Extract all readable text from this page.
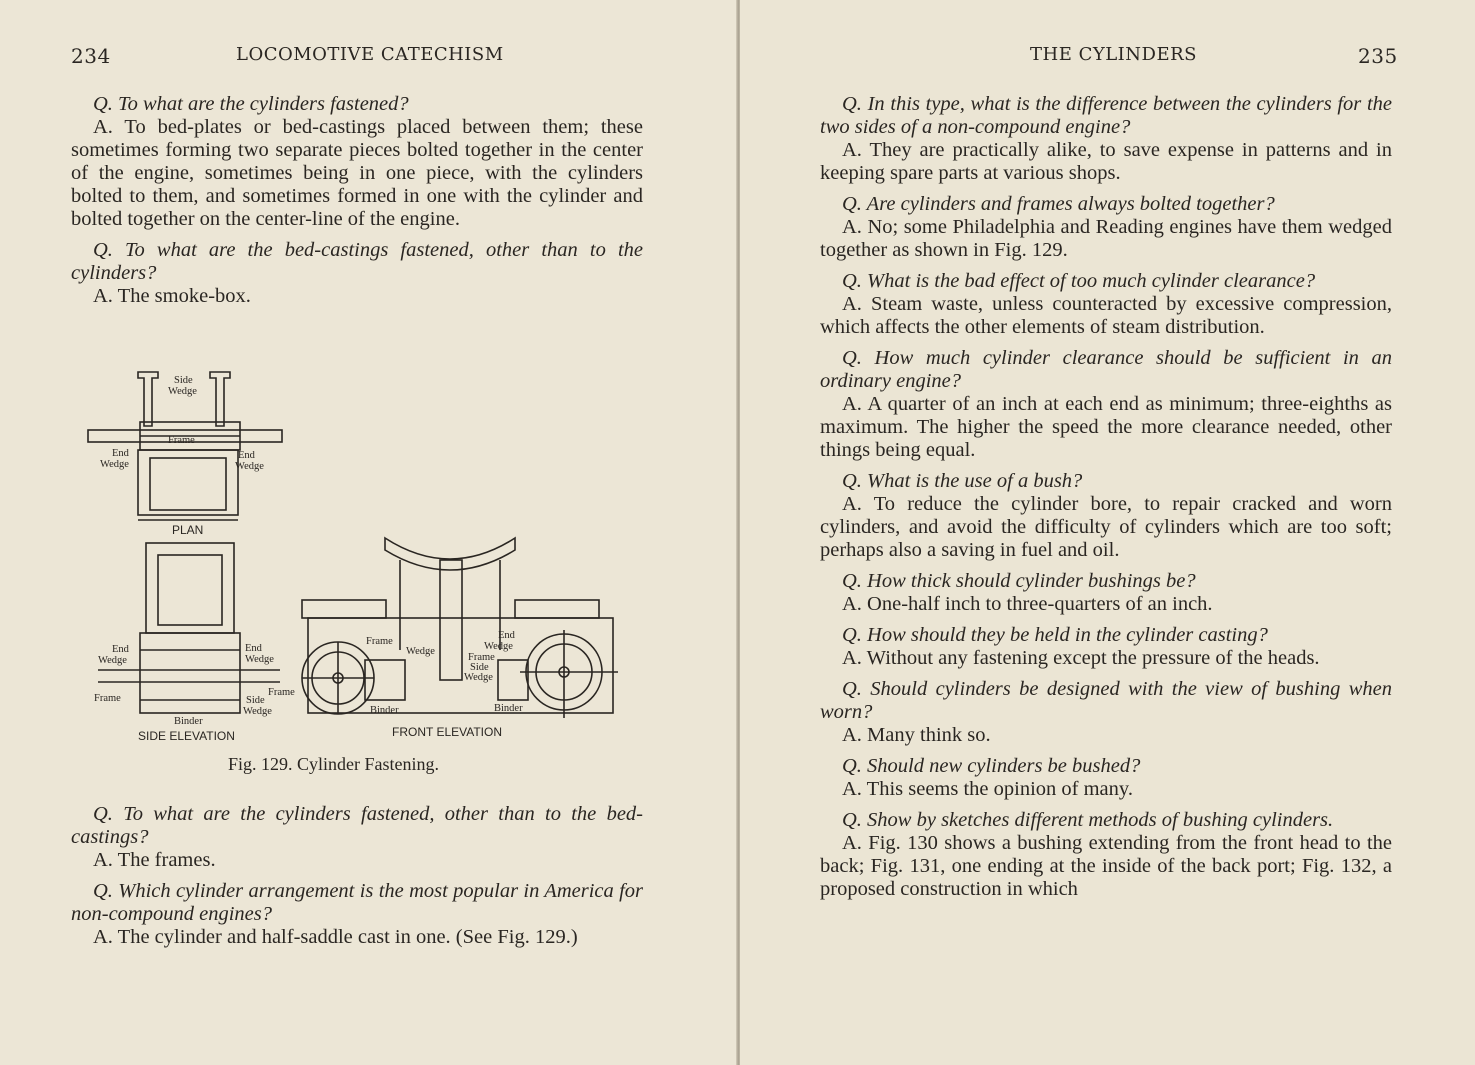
234	LOCOMOTIVE CATECHISM
Q. To what are the cylinders fastened?
A. To bed-plates or bed-castings placed between them; these sometimes forming two separate pieces bolted together in the center of the engine, sometimes being in one piece, with the cylinders bolted to them, and sometimes formed in one with the cylinder and bolted together on the center-line of the engine.
Q. To what are the bed-castings fastened, other than to the cylinders?
A. The smoke-box.
Side
Wedge
End
Wedge
End
Wedge
Frame
PLAN
End
Wedge
Frame
End
Wedge
Frame
Side
Wedge
Binder
SIDE ELEVATION
Frame
Wedge
End
Wedge
Frame
Side
Wedge
Binder	Binder
FRONT ELEVATION
Fig. 129. Cylinder Fastening.
Q. To what are the cylinders fastened, other than to the bed-castings?
A. The frames.
Q. Which cylinder arrangement is the most popular in America for non-compound engines?
A. The cylinder and half-saddle cast in one. (See Fig. 129.)
THE CYLINDERS	235
Q. In this type, what is the difference between the cylinders for the two sides of a non-compound engine?
A. They are practically alike, to save expense in patterns and in keeping spare parts at various shops.
Q. Are cylinders and frames always bolted together?
A. No; some Philadelphia and Reading engines have them wedged together as shown in Fig. 129.
Q. What is the bad effect of too much cylinder clearance?
A. Steam waste, unless counteracted by excessive compression, which affects the other elements of steam distribution.
Q. How much cylinder clearance should be sufficient in an ordinary engine?
A. A quarter of an inch at each end as minimum; three-eighths as maximum. The higher the speed the more clearance needed, other things being equal.
Q. What is the use of a bush?
A. To reduce the cylinder bore, to repair cracked and worn cylinders, and avoid the difficulty of cylinders which are too soft; perhaps also a saving in fuel and oil.
Q. How thick should cylinder bushings be?
A. One-half inch to three-quarters of an inch.
Q. How should they be held in the cylinder casting?
A. Without any fastening except the pressure of the heads.
Q. Should cylinders be designed with the view of bushing when worn?
A. Many think so.
Q. Should new cylinders be bushed?
A. This seems the opinion of many.
Q. Show by sketches different methods of bushing cylinders.
A. Fig. 130 shows a bushing extending from the front head to the back; Fig. 131, one ending at the inside of the back port; Fig. 132, a proposed construction in which
